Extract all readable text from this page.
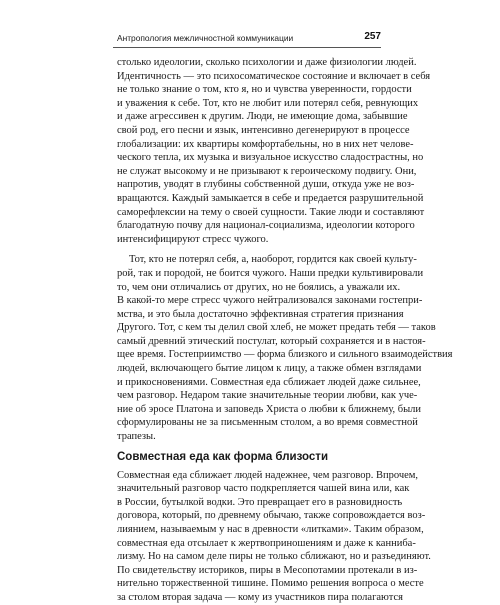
Антропология межличностной коммуникации	257
столько идеологии, сколько психологии и даже физиологии людей.
Идентичность — это психосоматическое состояние и включает в себя
не только знание о том, кто я, но и чувства уверенности, гордости
и уважения к себе. Тот, кто не любит или потерял себя, ревнующих
и даже агрессивен к другим. Люди, не имеющие дома, забывшие
свой род, его песни и язык, интенсивно дегенерируют в процессе
глобализации: их квартиры комфортабельны, но в них нет челове-
ческого тепла, их музыка и визуальное искусство сладострастны, но
не служат высокому и не призывают к героическому подвигу. Они,
напротив, уводят в глубины собственной души, откуда уже не воз-
вращаются. Каждый замыкается в себе и предается разрушительной
саморефлексии на тему о своей сущности. Такие люди и составляют
благодатную почву для национал-социализма, идеологии которого
интенсифицируют стресс чужого.
Тот, кто не потерял себя, а, наоборот, гордится как своей культу-
рой, так и породой, не боится чужого. Наши предки культивировали
то, чем они отличались от других, но не боялись, а уважали их.
В какой-то мере стресс чужого нейтрализовался законами гостепри-
мства, и это была достаточно эффективная стратегия признания
Другого. Тот, с кем ты делил свой хлеб, не может предать тебя — таков
самый древний этический постулат, который сохраняется и в настоя-
щее время. Гостеприимство — форма близкого и сильного взаимодействия
людей, включающего бытие лицом к лицу, а также обмен взглядами
и прикосновениями. Совместная еда сближает людей даже сильнее,
чем разговор. Недаром такие значительные теории любви, как уче-
ние об эросе Платона и заповедь Христа о любви к ближнему, были
сформулированы не за письменным столом, а во время совместной
трапезы.
Совместная еда как форма близости
Совместная еда сближает людей надежнее, чем разговор. Впрочем,
значительный разговор часто подкрепляется чашей вина или, как
в России, бутылкой водки. Это превращает его в разновидность
договора, который, по древнему обычаю, также сопровождается воз-
лиянием, называемым у нас в древности «литками». Таким образом,
совместная еда отсылает к жертвоприношениям и даже к каннибa-
лизму. Но на самом деле пиры не только сближают, но и разъединяют.
По свидетельству историков, пиры в Месопотамии протекали в из-
нительно торжественной тишине. Помимо решения вопроса о месте
за столом вторая задача — кому из участников пира полагаются
